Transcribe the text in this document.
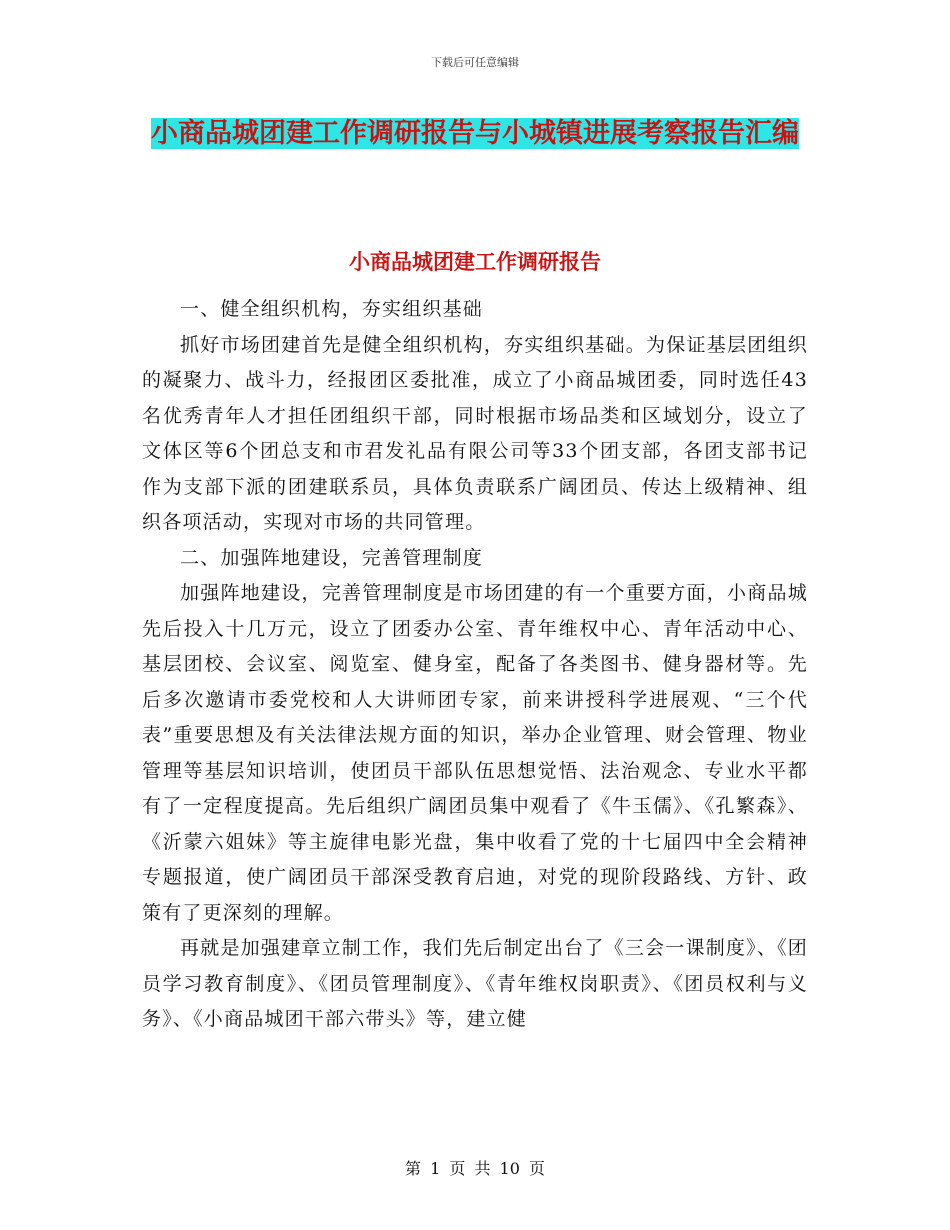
下载后可任意编辑
小商品城团建工作调研报告与小城镇进展考察报告汇编
小商品城团建工作调研报告

一、健全组织机构，夯实组织基础

抓好市场团建首先是健全组织机构，夯实组织基础。为保证基层团组织的凝聚力、战斗力，经报团区委批准，成立了小商品城团委，同时选任43名优秀青年人才担任团组织干部，同时根据市场品类和区域划分，设立了文体区等6个团总支和市君发礼品有限公司等33个团支部，各团支部书记作为支部下派的团建联系员，具体负责联系广阔团员、传达上级精神、组织各项活动，实现对市场的共同管理。

二、加强阵地建设，完善管理制度

加强阵地建设，完善管理制度是市场团建的有一个重要方面，小商品城先后投入十几万元，设立了团委办公室、青年维权中心、青年活动中心、基层团校、会议室、阅览室、健身室，配备了各类图书、健身器材等。先后多次邀请市委党校和人大讲师团专家，前来讲授科学进展观、“三个代表”重要思想及有关法律法规方面的知识，举办企业管理、财会管理、物业管理等基层知识培训，使团员干部队伍思想觉悟、法治观念、专业水平都有了一定程度提高。先后组织广阔团员集中观看了《牛玉儒》、《孔繁森》、《沂蒙六姐妹》等主旋律电影光盘，集中收看了党的十七届四中全会精神专题报道，使广阔团员干部深受教育启迪，对党的现阶段路线、方针、政策有了更深刻的理解。

再就是加强建章立制工作，我们先后制定出台了《三会一课制度》、《团员学习教育制度》、《团员管理制度》、《青年维权岗职责》、《团员权利与义务》、《小商品城团干部六带头》等，建立健

第 1 页 共 10 页
